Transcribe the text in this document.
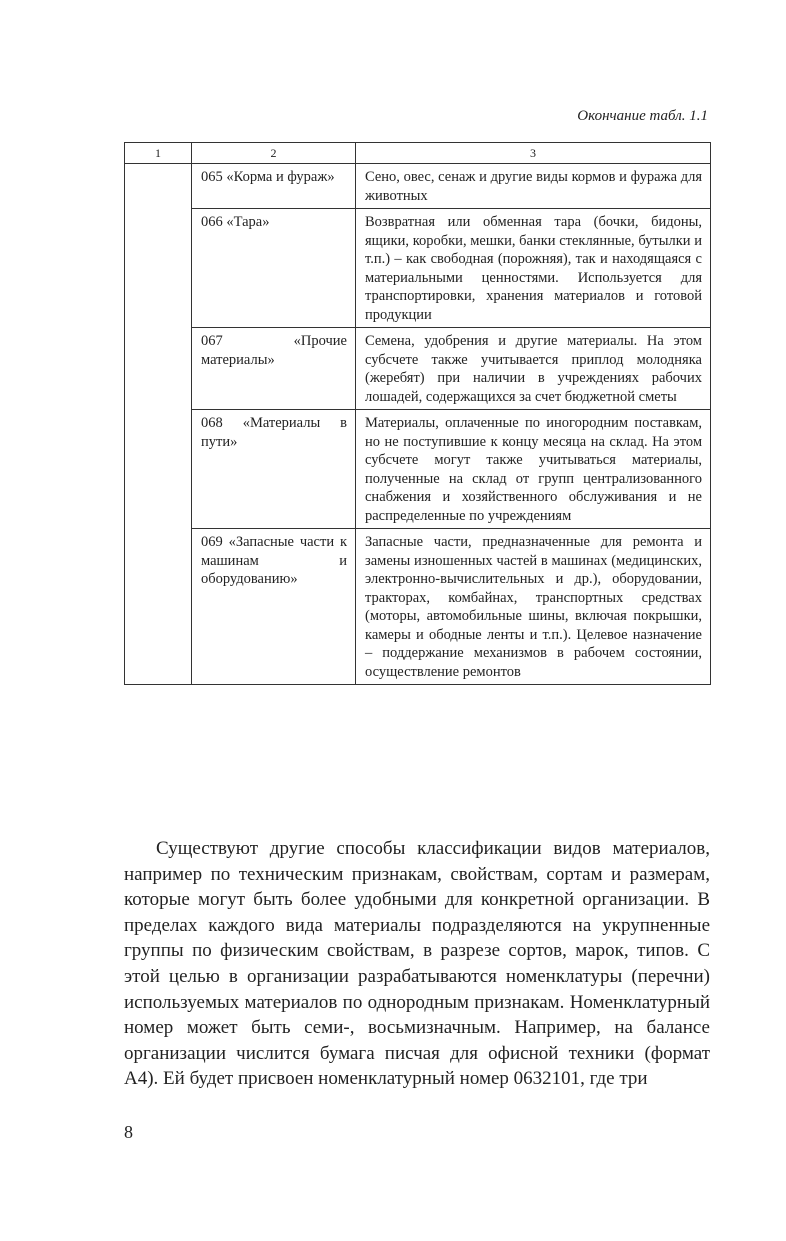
Окончание табл. 1.1
1	2	3
	065 «Корма и фураж»	Сено, овес, сенаж и другие виды кормов и фуража для животных
	066 «Тара»	Возвратная или обменная тара (бочки, бидоны, ящики, коробки, мешки, банки стеклянные, бутылки и т.п.) – как свободная (порожняя), так и находящаяся с материальными ценностями. Используется для транспортировки, хранения материалов и готовой продукции
	067 «Прочие материалы»	Семена, удобрения и другие материалы. На этом субсчете также учитывается приплод молодняка (жеребят) при наличии в учреждениях рабочих лошадей, содержащихся за счет бюджетной сметы
	068 «Материалы в пути»	Материалы, оплаченные по иногородним поставкам, но не поступившие к концу месяца на склад. На этом субсчете могут также учитываться материалы, полученные на склад от групп централизованного снабжения и хозяйственного обслуживания и не распределенные по учреждениям
	069 «Запасные части к машинам и оборудованию»	Запасные части, предназначенные для ремонта и замены изношенных частей в машинах (медицинских, электронно-вычислительных и др.), оборудовании, тракторах, комбайнах, транспортных средствах (моторы, автомобильные шины, включая покрышки, камеры и ободные ленты и т.п.). Целевое назначение – поддержание механизмов в рабочем состоянии, осуществление ремонтов

Существуют другие способы классификации видов материалов, например по техническим признакам, свойствам, сортам и размерам, которые могут быть более удобными для конкретной организации. В пределах каждого вида материалы подразделяются на укрупненные группы по физическим свойствам, в разрезе сортов, марок, типов. С этой целью в организации разрабатываются номенклатуры (перечни) используемых материалов по однородным признакам. Номенклатурный номер может быть семи-, восьмизначным. Например, на балансе организации числится бумага писчая для офисной техники (формат А4). Ей будет присвоен номенклатурный номер 0632101, где три

8
